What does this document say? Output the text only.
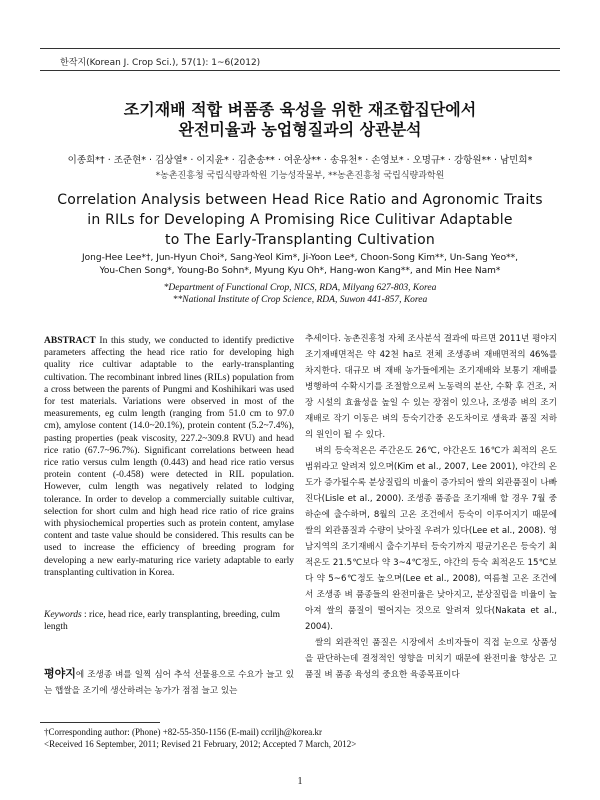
한작지(Korean J. Crop Sci.), 57(1): 1~6(2012)
조기재배 적합 벼품종 육성을 위한 재조합집단에서
완전미율과 농업형질과의 상관분석
이종희*† · 조준현* · 김상열* · 이지윤* · 김춘송** · 여운상** · 송유천* · 손영보* · 오명규* · 강항원** · 남민희*
*농촌진흥청 국립식량과학원 기능성작물부, **농촌진흥청 국립식량과학원
Correlation Analysis between Head Rice Ratio and Agronomic Traits
in RILs for Developing A Promising Rice Culitivar Adaptable
to The Early-Transplanting Cultivation
Jong-Hee Lee*†, Jun-Hyun Choi*, Sang-Yeol Kim*, Ji-Yoon Lee*, Choon-Song Kim**, Un-Sang Yeo**,
You-Chen Song*, Young-Bo Sohn*, Myung Kyu Oh*, Hang-won Kang**, and Min Hee Nam*
*Department of Functional Crop, NICS, RDA, Milyang 627-803, Korea
**National Institute of Crop Science, RDA, Suwon 441-857, Korea
ABSTRACT In this study, we conducted to identify predictive parameters affecting the head rice ratio for developing high quality rice cultivar adaptable to the early-transplanting cultivation. The recombinant inbred lines (RILs) population from a cross between the parents of Pungmi and Koshihikari was used for test materials. Variations were observed in most of the measurements, eg culm length (ranging from 51.0 cm to 97.0 cm), amylose content (14.0~20.1%), protein content (5.2~7.4%), pasting properties (peak viscosity, 227.2~309.8 RVU) and head rice ratio (67.7~96.7%). Significant correlations between head rice ratio versus culm length (0.443) and head rice ratio versus protein content (-0.458) were detected in RIL population. However, culm length was negatively related to lodging tolerance. In order to develop a commercially suitable cultivar, selection for short culm and high head rice ratio of rice grains with physiochemical properties such as protein content, amylase content and taste value should be considered. This results can be used to increase the efficiency of breeding program for developing a new early-maturing rice variety adaptable to early transplanting cultivation in Korea.
Keywords : rice, head rice, early transplanting, breeding, culm length
평야지에 조생종 벼를 일찍 심어 추석 선물용으로 수요가 늘고 있는 햅쌀을 조기에 생산하려는 농가가 점점 늘고 있는

추세이다. 농촌진흥청 자체 조사분석 결과에 따르면 2011년 평야지 조기재배면적은 약 42천 ha로 전체 조생종벼 재배면적의 46%를 차지한다. 대규모 벼 재배 농가들에게는 조기재배와 보통기 재배를 병행하여 수확시기를 조절함으로써 노동력의 분산, 수확 후 건조, 저장 시설의 효율성을 높일 수 있는 장점이 있으나, 조생종 벼의 조기재배로 작기 이동은 벼의 등숙기간중 온도차이로 생육과 품질 저하의 원인이 될 수 있다.

벼의 등숙적온은 주간온도 26℃, 야간온도 16℃가 최적의 온도범위라고 알려져 있으며(Kim et al., 2007, Lee 2001), 야간의 온도가 증가될수록 분상질립의 비율이 증가되어 쌀의 외관품질이 나빠진다(Lisle et al., 2000). 조생종 품종을 조기재배 할 경우 7월 중하순에 출수하며, 8월의 고온 조건에서 등숙이 이루어지기 때문에 쌀의 외관품질과 수량이 낮아질 우려가 있다(Lee et al., 2008). 영남지역의 조기재배시 출수기부터 등숙기까지 평균기온은 등숙기 최적온도 21.5℃보다 약 3~4℃정도, 야간의 등숙 최적온도 15℃보다 약 5~6℃정도 높으며(Lee et al., 2008), 여름철 고온 조건에서 조생종 벼 품종들의 완전미율은 낮아지고, 분상질립을 비율이 높아져 쌀의 품질이 떨어지는 것으로 알려져 있다(Nakata et al., 2004).

쌀의 외관적인 품질은 시장에서 소비자들이 직접 눈으로 상품성을 판단하는데 결정적인 영향을 미치기 때문에 완전미율 향상은 고품질 벼 품종 육성의 중요한 육종목표이다

†Corresponding author: (Phone) +82-55-350-1156 (E-mail) ccriljh@korea.kr
<Received 16 September, 2011; Revised 21 February, 2012; Accepted 7 March, 2012>
1
